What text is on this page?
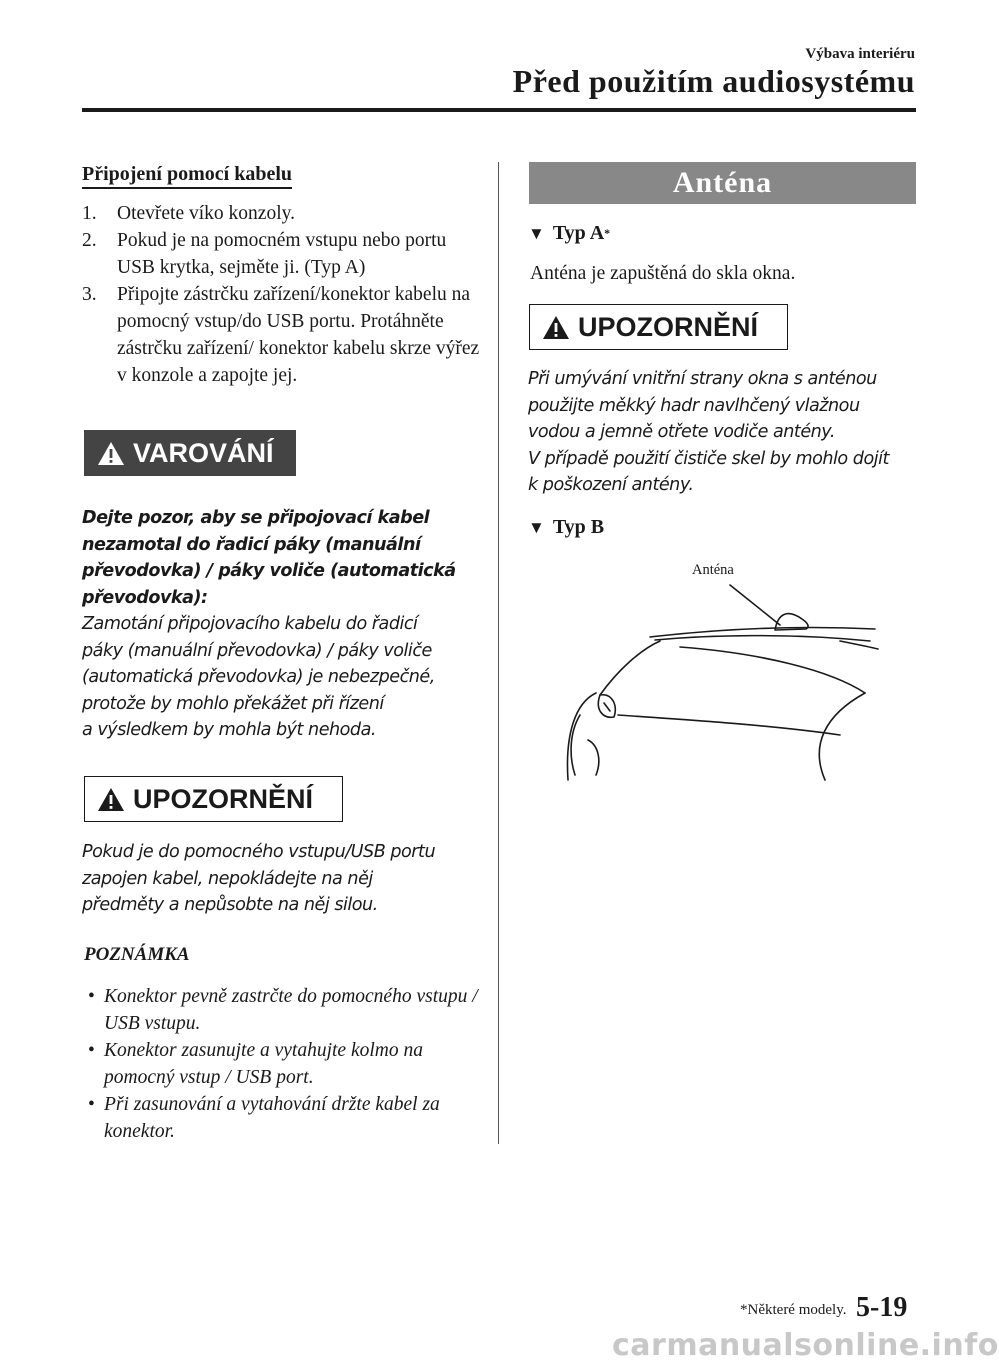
Výbava interiéru
Před použitím audiosystému
Připojení pomocí kabelu
1. Otevřete víko konzoly.
2. Pokud je na pomocném vstupu nebo portu USB krytka, sejměte ji. (Typ A)
3. Připojte zástrčku zařízení/konektor kabelu na pomocný vstup/do USB portu. Protáhněte zástrčku zařízení/ konektor kabelu skrze výřez v konzole a zapojte jej.
VAROVÁNÍ
Dejte pozor, aby se připojovací kabel
nezamotal do řadicí páky (manuální
převodovka) / páky voliče (automatická
převodovka):
Zamotání připojovacího kabelu do řadicí
páky (manuální převodovka) / páky voliče
(automatická převodovka) je nebezpečné,
protože by mohlo překážet při řízení
a výsledkem by mohla být nehoda.
UPOZORNĚNÍ
Pokud je do pomocného vstupu/USB portu
zapojen kabel, nepokládejte na něj
předměty a nepůsobte na něj silou.
POZNÁMKA
• Konektor pevně zastrčte do pomocného vstupu / USB vstupu.
• Konektor zasunujte a vytahujte kolmo na pomocný vstup / USB port.
• Při zasunování a vytahování držte kabel za konektor.
Anténa
▼ Typ A *
Anténa je zapuštěná do skla okna.
UPOZORNĚNÍ
Při umývání vnitřní strany okna s anténou
použijte měkký hadr navlhčený vlažnou
vodou a jemně otřete vodiče antény.
V případě použití čističe skel by mohlo dojít
k poškození antény.
▼ Typ B
Anténa
*Některé modely. 5-19
carmanualsonline.info
